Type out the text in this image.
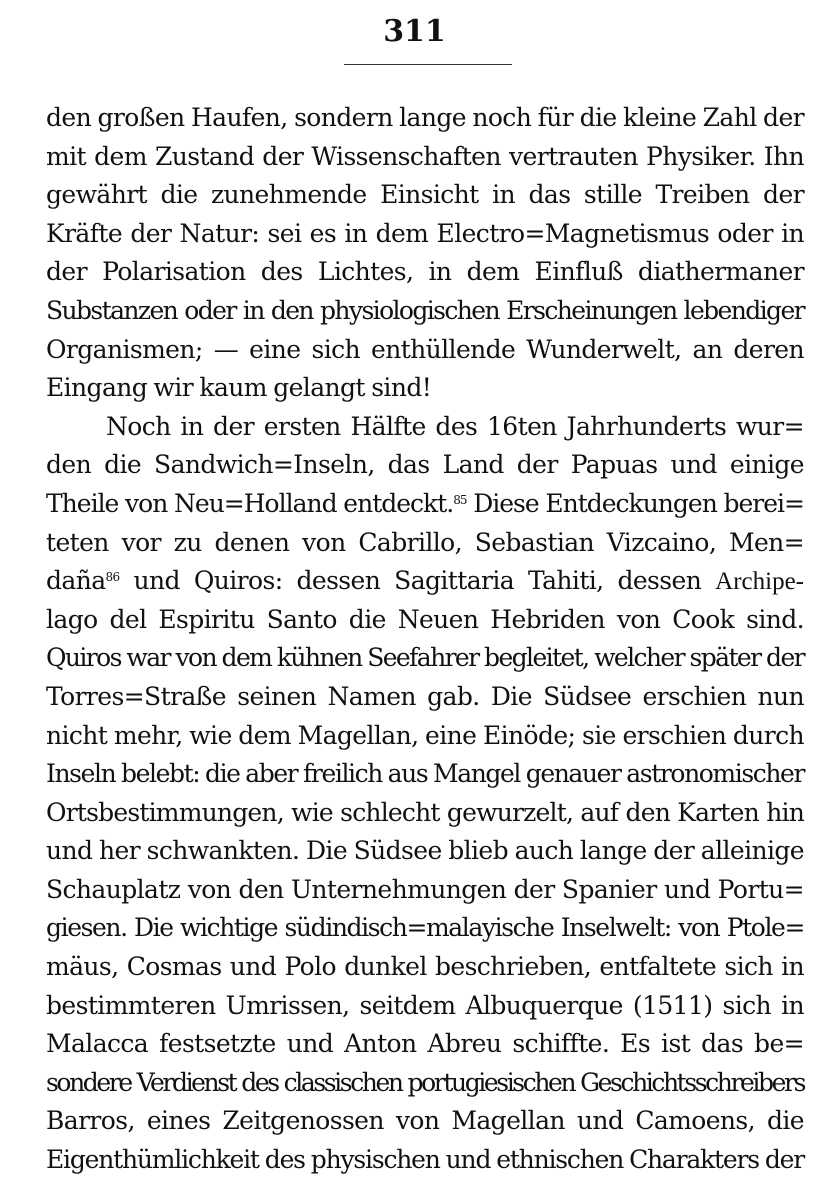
311
den großen Haufen, sondern lange noch für die kleine Zahl der
mit dem Zustand der Wissenschaften vertrauten Physiker. Ihn
gewährt die zunehmende Einsicht in das stille Treiben der
Kräfte der Natur: sei es in dem Electro=Magnetismus oder in
der Polarisation des Lichtes, in dem Einfluß diathermaner
Substanzen oder in den physiologischen Erscheinungen lebendiger
Organismen; — eine sich enthüllende Wunderwelt, an deren
Eingang wir kaum gelangt sind!
Noch in der ersten Hälfte des 16ten Jahrhunderts wur=
den die Sandwich=Inseln, das Land der Papuas und einige
Theile von Neu=Holland entdeckt.$^{85}$ Diese Entdeckungen berei=
teten vor zu denen von Cabrillo, Sebastian Vizcaino, Men=
daña$^{86}$ und Quiros: dessen Sagittaria Tahiti, dessen Archipe-
lago del Espiritu Santo die Neuen Hebriden von Cook sind.
Quiros war von dem kühnen Seefahrer begleitet, welcher später der
Torres=Straße seinen Namen gab. Die Südsee erschien nun
nicht mehr, wie dem Magellan, eine Einöde; sie erschien durch
Inseln belebt: die aber freilich aus Mangel genauer astronomischer
Ortsbestimmungen, wie schlecht gewurzelt, auf den Karten hin
und her schwankten. Die Südsee blieb auch lange der alleinige
Schauplatz von den Unternehmungen der Spanier und Portu=
giesen. Die wichtige südindisch=malayische Inselwelt: von Ptole=
mäus, Cosmas und Polo dunkel beschrieben, entfaltete sich in
bestimmteren Umrissen, seitdem Albuquerque (1511) sich in
Malacca festsetzte und Anton Abreu schiffte. Es ist das be=
sondere Verdienst des classischen portugiesischen Geschichtsschreibers
Barros, eines Zeitgenossen von Magellan und Camoens, die
Eigenthümlichkeit des physischen und ethnischen Charakters der
